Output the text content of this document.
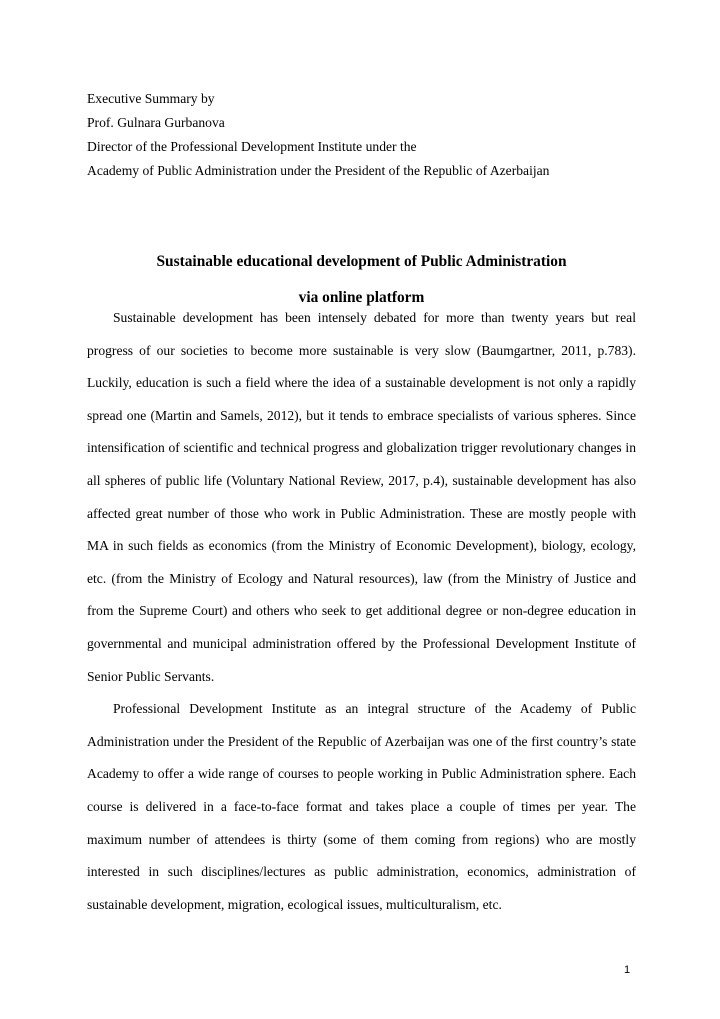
Executive Summary by
Prof. Gulnara Gurbanova
Director of the Professional Development Institute under the
Academy of Public Administration under the President of the Republic of Azerbaijan
Sustainable educational development of Public Administration
via online platform

Sustainable development has been intensely debated for more than twenty years but real progress of our societies to become more sustainable is very slow (Baumgartner, 2011, p.783). Luckily, education is such a field where the idea of a sustainable development is not only a rapidly spread one (Martin and Samels, 2012), but it tends to embrace specialists of various spheres. Since intensification of scientific and technical progress and globalization trigger revolutionary changes in all spheres of public life (Voluntary National Review, 2017, p.4), sustainable development has also affected great number of those who work in Public Administration. These are mostly people with MA in such fields as economics (from the Ministry of Economic Development), biology, ecology, etc. (from the Ministry of Ecology and Natural resources), law (from the Ministry of Justice and from the Supreme Court) and others who seek to get additional degree or non-degree education in governmental and municipal administration offered by the Professional Development Institute of Senior Public Servants.

Professional Development Institute as an integral structure of the Academy of Public Administration under the President of the Republic of Azerbaijan was one of the first country’s state Academy to offer a wide range of courses to people working in Public Administration sphere. Each course is delivered in a face-to-face format and takes place a couple of times per year. The maximum number of attendees is thirty (some of them coming from regions) who are mostly interested in such disciplines/lectures as public administration, economics, administration of sustainable development, migration, ecological issues, multiculturalism, etc.

1
